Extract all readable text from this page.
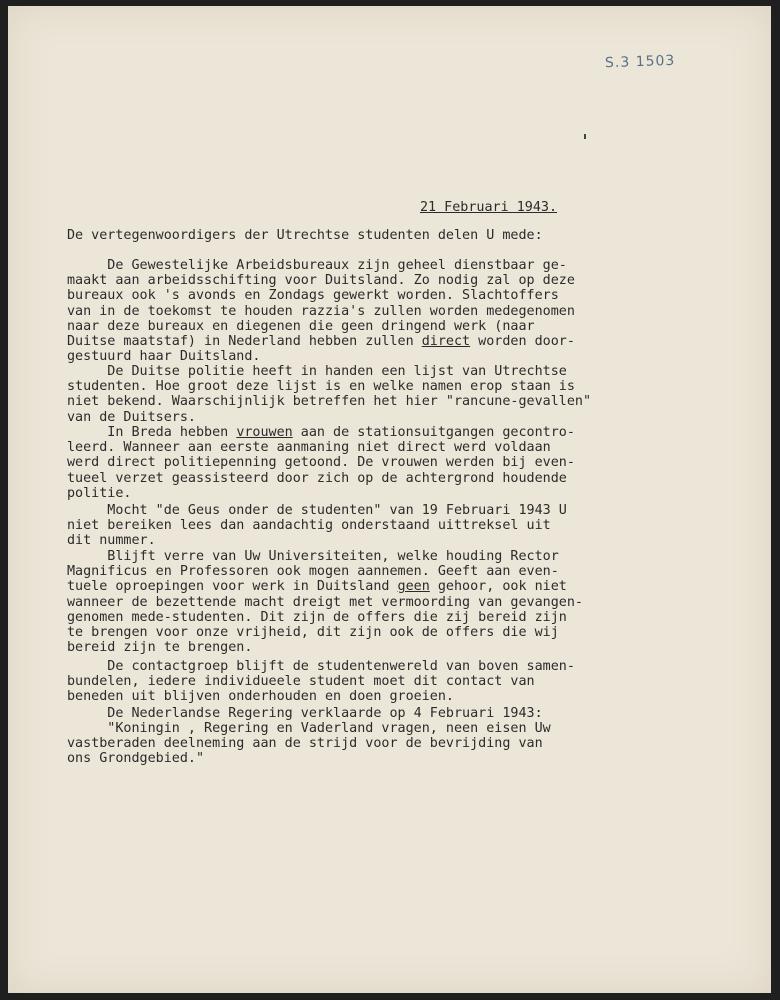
S.3 1503
21 Februari 1943.
De vertegenwoordigers der Utrechtse studenten delen U mede:
De Gewestelijke Arbeidsbureaux zijn geheel dienstbaar ge-
maakt aan arbeidsschifting voor Duitsland. Zo nodig zal op deze
bureaux ook 's avonds en Zondags gewerkt worden. Slachtoffers
van in de toekomst te houden razzia's zullen worden medegenomen
naar deze bureaux en diegenen die geen dringend werk (naar
Duitse maatstaf) in Nederland hebben zullen direct worden door-
gestuurd haar Duitsland.
De Duitse politie heeft in handen een lijst van Utrechtse
studenten. Hoe groot deze lijst is en welke namen erop staan is
niet bekend. Waarschijnlijk betreffen het hier "rancune-gevallen"
van de Duitsers.
In Breda hebben vrouwen aan de stationsuitgangen gecontro-
leerd. Wanneer aan eerste aanmaning niet direct werd voldaan
werd direct politiepenning getoond. De vrouwen werden bij even-
tueel verzet geassisteerd door zich op de achtergrond houdende
politie.
Mocht "de Geus onder de studenten" van 19 Februari 1943 U
niet bereiken lees dan aandachtig onderstaand uittreksel uit
dit nummer.
Blijft verre van Uw Universiteiten, welke houding Rector
Magnificus en Professoren ook mogen aannemen. Geeft aan even-
tuele oproepingen voor werk in Duitsland geen gehoor, ook niet
wanneer de bezettende macht dreigt met vermoording van gevangen-
genomen mede-studenten. Dit zijn de offers die zij bereid zijn
te brengen voor onze vrijheid, dit zijn ook de offers die wij
bereid zijn te brengen.
De contactgroep blijft de studentenwereld van boven samen-
bundelen, iedere individueele student moet dit contact van
beneden uit blijven onderhouden en doen groeien.
De Nederlandse Regering verklaarde op 4 Februari 1943:
"Koningin , Regering en Vaderland vragen, neen eisen Uw
vastberaden deelneming aan de strijd voor de bevrijding van
ons Grondgebied."
